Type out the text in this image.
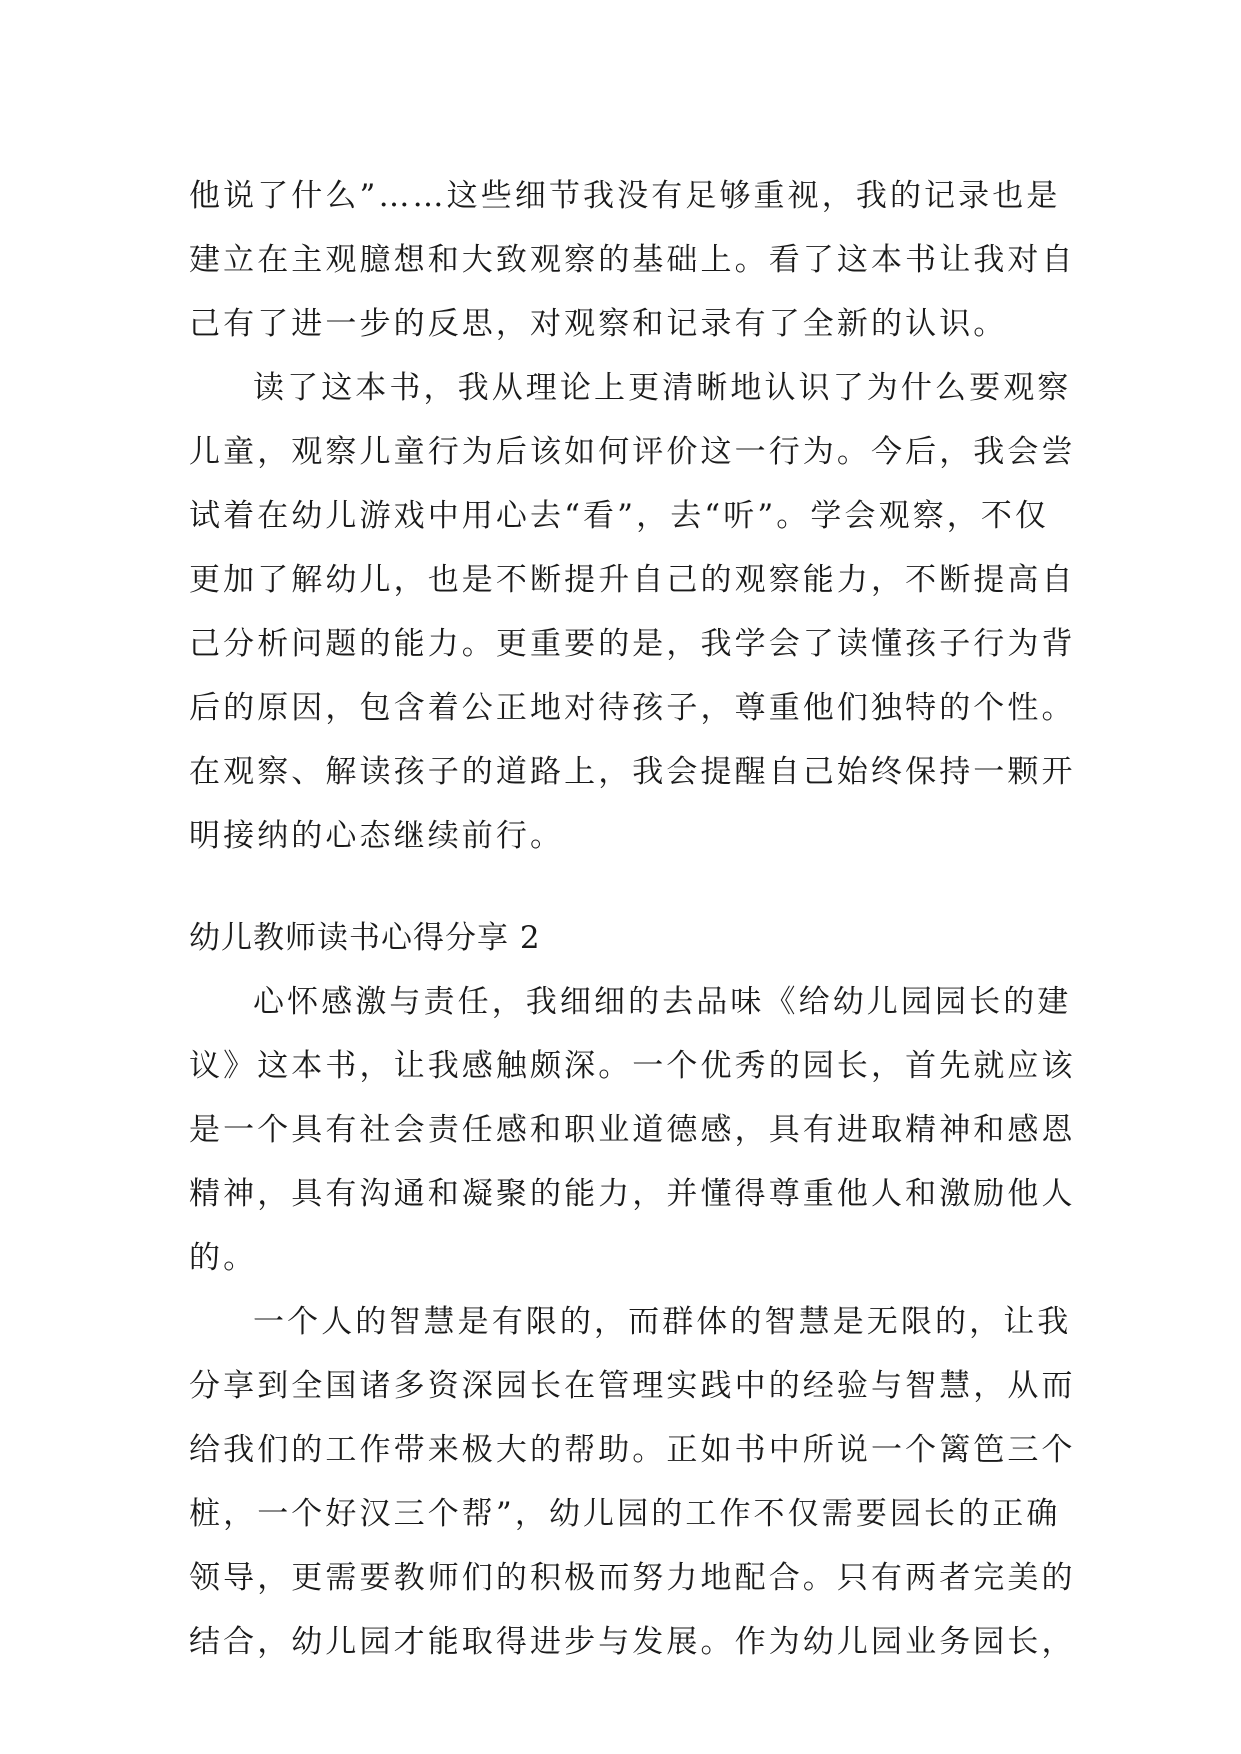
他说了什么”……这些细节我没有足够重视，我的记录也是
建立在主观臆想和大致观察的基础上。看了这本书让我对自
己有了进一步的反思，对观察和记录有了全新的认识。
读了这本书，我从理论上更清晰地认识了为什么要观察
儿童，观察儿童行为后该如何评价这一行为。今后，我会尝
试着在幼儿游戏中用心去“看”，去“听”。学会观察，不仅
更加了解幼儿，也是不断提升自己的观察能力，不断提高自
己分析问题的能力。更重要的是，我学会了读懂孩子行为背
后的原因，包含着公正地对待孩子，尊重他们独特的个性。
在观察、解读孩子的道路上，我会提醒自己始终保持一颗开
明接纳的心态继续前行。
幼儿教师读书心得分享 2
心怀感激与责任，我细细的去品味《给幼儿园园长的建
议》这本书，让我感触颇深。一个优秀的园长，首先就应该
是一个具有社会责任感和职业道德感，具有进取精神和感恩
精神，具有沟通和凝聚的能力，并懂得尊重他人和激励他人
的。
一个人的智慧是有限的，而群体的智慧是无限的，让我
分享到全国诸多资深园长在管理实践中的经验与智慧，从而
给我们的工作带来极大的帮助。正如书中所说一个篱笆三个
桩，一个好汉三个帮”，幼儿园的工作不仅需要园长的正确
领导，更需要教师们的积极而努力地配合。只有两者完美的
结合，幼儿园才能取得进步与发展。作为幼儿园业务园长，
